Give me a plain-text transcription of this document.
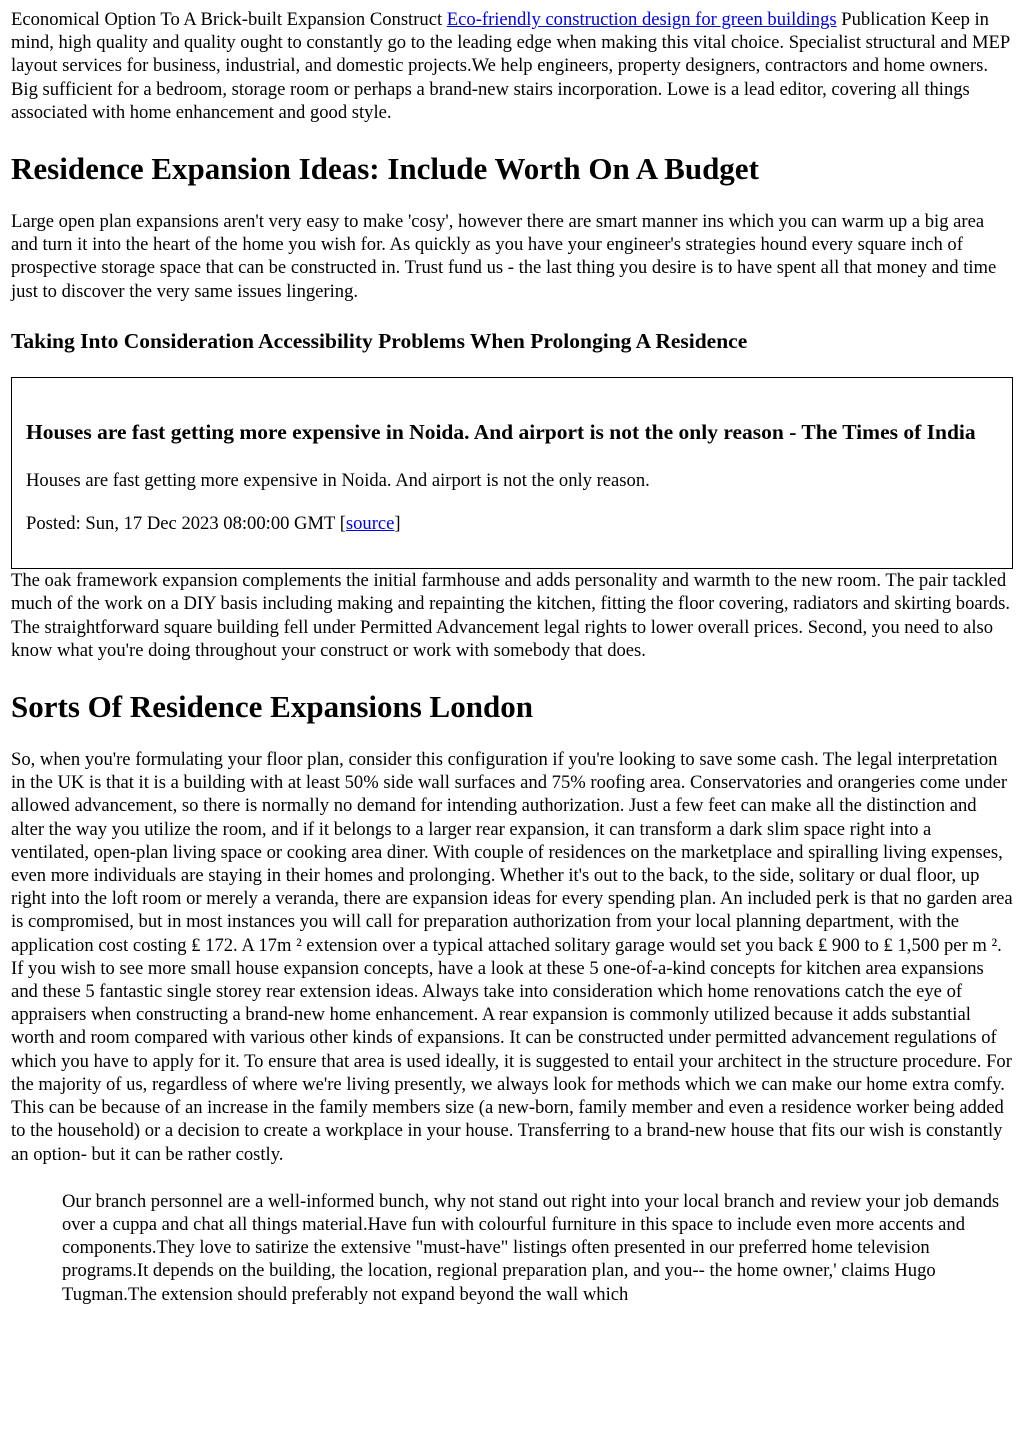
Economical Option To A Brick-built Expansion Construct Eco-friendly construction design for green buildings Publication Keep in mind, high quality and quality ought to constantly go to the leading edge when making this vital choice. Specialist structural and MEP layout services for business, industrial, and domestic projects.We help engineers, property designers, contractors and home owners. Big sufficient for a bedroom, storage room or perhaps a brand-new stairs incorporation. Lowe is a lead editor, covering all things associated with home enhancement and good style.

Residence Expansion Ideas: Include Worth On A Budget

Large open plan expansions aren't very easy to make 'cosy', however there are smart manner ins which you can warm up a big area and turn it into the heart of the home you wish for. As quickly as you have your engineer's strategies hound every square inch of prospective storage space that can be constructed in. Trust fund us - the last thing you desire is to have spent all that money and time just to discover the very same issues lingering.

Taking Into Consideration Accessibility Problems When Prolonging A Residence
Houses are fast getting more expensive in Noida. And airport is not the only reason - The Times of India

Houses are fast getting more expensive in Noida. And airport is not the only reason.

Posted: Sun, 17 Dec 2023 08:00:00 GMT [source]

The oak framework expansion complements the initial farmhouse and adds personality and warmth to the new room. The pair tackled much of the work on a DIY basis including making and repainting the kitchen, fitting the floor covering, radiators and skirting boards. The straightforward square building fell under Permitted Advancement legal rights to lower overall prices. Second, you need to also know what you're doing throughout your construct or work with somebody that does.

Sorts Of Residence Expansions London

So, when you're formulating your floor plan, consider this configuration if you're looking to save some cash. The legal interpretation in the UK is that it is a building with at least 50% side wall surfaces and 75% roofing area. Conservatories and orangeries come under allowed advancement, so there is normally no demand for intending authorization. Just a few feet can make all the distinction and alter the way you utilize the room, and if it belongs to a larger rear expansion, it can transform a dark slim space right into a ventilated, open-plan living space or cooking area diner. With couple of residences on the marketplace and spiralling living expenses, even more individuals are staying in their homes and prolonging. Whether it's out to the back, to the side, solitary or dual floor, up right into the loft room or merely a veranda, there are expansion ideas for every spending plan. An included perk is that no garden area is compromised, but in most instances you will call for preparation authorization from your local planning department, with the application cost costing ₤ 172. A 17m ² extension over a typical attached solitary garage would set you back ₤ 900 to ₤ 1,500 per m ². If you wish to see more small house expansion concepts, have a look at these 5 one-of-a-kind concepts for kitchen area expansions and these 5 fantastic single storey rear extension ideas. Always take into consideration which home renovations catch the eye of appraisers when constructing a brand-new home enhancement. A rear expansion is commonly utilized because it adds substantial worth and room compared with various other kinds of expansions. It can be constructed under permitted advancement regulations of which you have to apply for it. To ensure that area is used ideally, it is suggested to entail your architect in the structure procedure. For the majority of us, regardless of where we're living presently, we always look for methods which we can make our home extra comfy. This can be because of an increase in the family members size (a new-born, family member and even a residence worker being added to the household) or a decision to create a workplace in your house. Transferring to a brand-new house that fits our wish is constantly an option- but it can be rather costly.

Our branch personnel are a well-informed bunch, why not stand out right into your local branch and review your job demands over a cuppa and chat all things material.Have fun with colourful furniture in this space to include even more accents and components.They love to satirize the extensive "must-have" listings often presented in our preferred home television programs.It depends on the building, the location, regional preparation plan, and you-- the home owner,' claims Hugo Tugman.The extension should preferably not expand beyond the wall which
